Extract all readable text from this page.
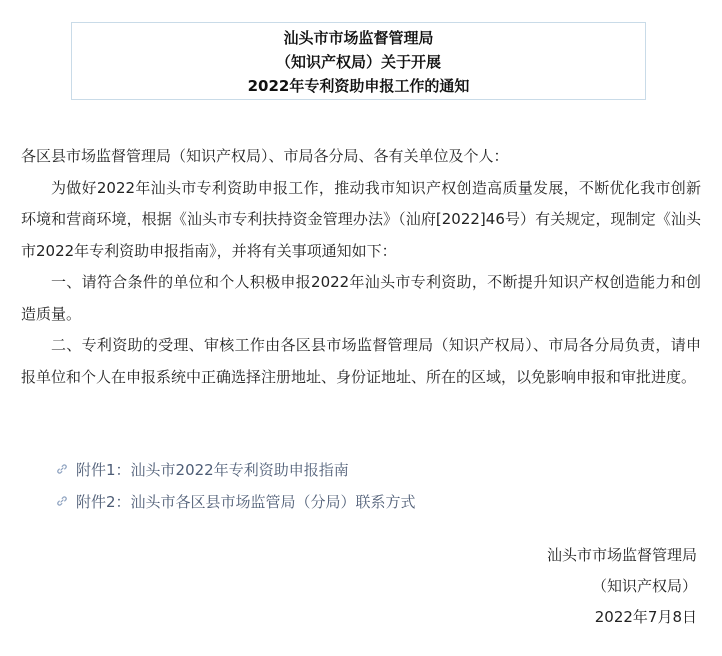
汕头市市场监督管理局
（知识产权局）关于开展
2022年专利资助申报工作的通知

各区县市场监督管理局（知识产权局）、市局各分局、各有关单位及个人：

为做好2022年汕头市专利资助申报工作，推动我市知识产权创造高质量发展，不断优化我市创新环境和营商环境，根据《汕头市专利扶持资金管理办法》（汕府[2022]46号）有关规定，现制定《汕头市2022年专利资助申报指南》，并将有关事项通知如下：

一、请符合条件的单位和个人积极申报2022年汕头市专利资助，不断提升知识产权创造能力和创造质量。

二、专利资助的受理、审核工作由各区县市场监督管理局（知识产权局）、市局各分局负责，请申报单位和个人在申报系统中正确选择注册地址、身份证地址、所在的区域，以免影响申报和审批进度。

附件1：汕头市2022年专利资助申报指南
附件2：汕头市各区县市场监管局（分局）联系方式
汕头市市场监督管理局
（知识产权局）
2022年7月8日
